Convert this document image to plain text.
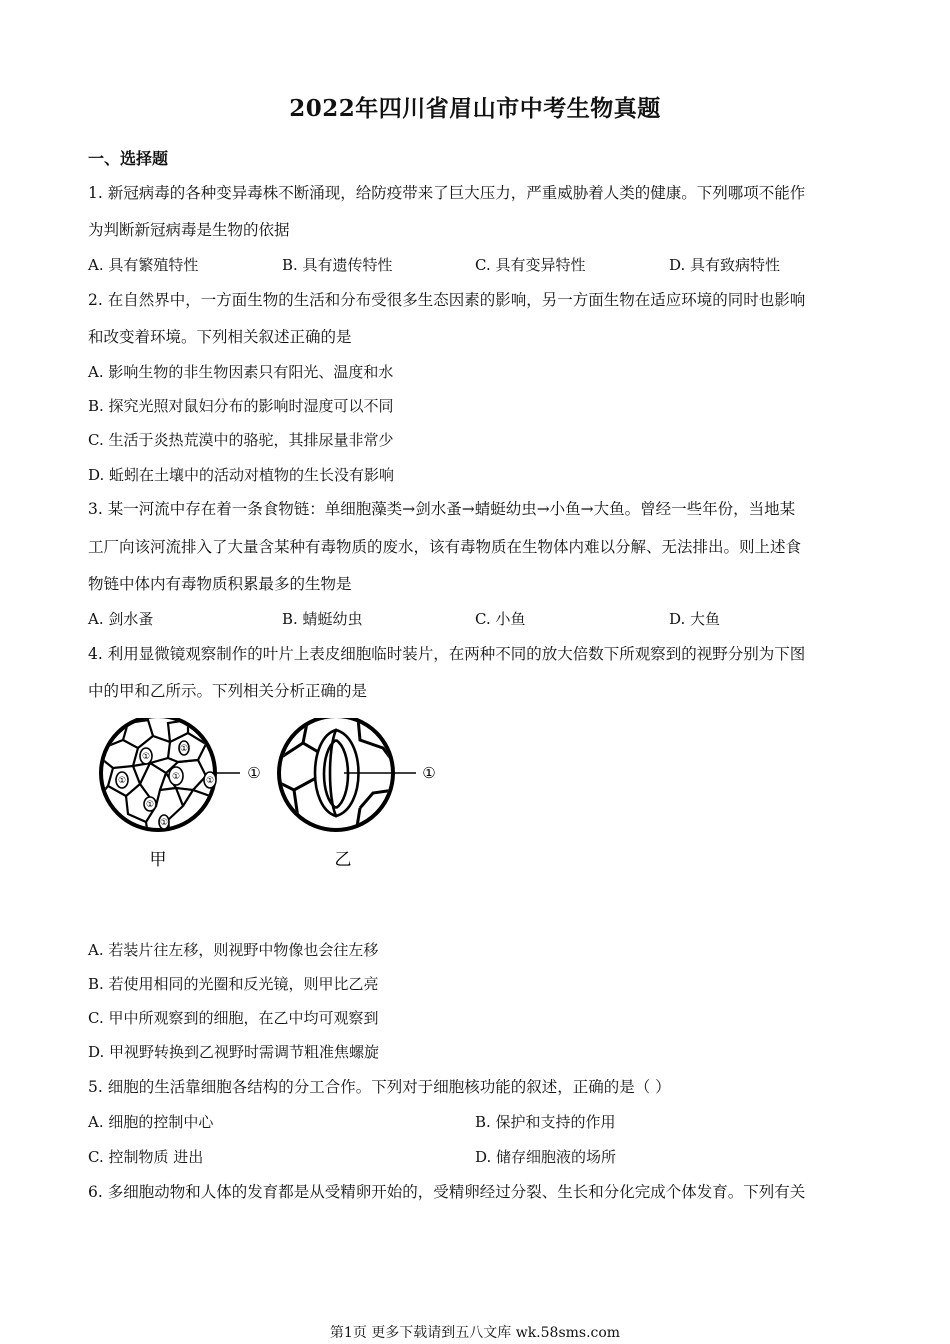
2022年四川省眉山市中考生物真题
一、选择题
1. 新冠病毒的各种变异毒株不断涌现，给防疫带来了巨大压力，严重威胁着人类的健康。下列哪项不能作
为判断新冠病毒是生物的依据
A. 具有繁殖特性	B. 具有遗传特性	C. 具有变异特性	D. 具有致病特性
2. 在自然界中，一方面生物的生活和分布受很多生态因素的影响，另一方面生物在适应环境的同时也影响
和改变着环境。下列相关叙述正确的是
A. 影响生物的非生物因素只有阳光、温度和水
B. 探究光照对鼠妇分布的影响时湿度可以不同
C. 生活于炎热荒漠中的骆驼，其排尿量非常少
D. 蚯蚓在土壤中的活动对植物的生长没有影响
3. 某一河流中存在着一条食物链：单细胞藻类→剑水蚤→蜻蜓幼虫→小鱼→大鱼。曾经一些年份，当地某
工厂向该河流排入了大量含某种有毒物质的废水，该有毒物质在生物体内难以分解、无法排出。则上述食
物链中体内有毒物质积累最多的生物是
A. 剑水蚤	B. 蜻蜓幼虫	C. 小鱼	D. 大鱼
4. 利用显微镜观察制作的叶片上表皮细胞临时装片，在两种不同的放大倍数下所观察到的视野分别为下图
中的甲和乙所示。下列相关分析正确的是
①
①	①
①
①
①
①
①
甲
①
乙
A. 若装片往左移，则视野中物像也会往左移
B. 若使用相同的光圈和反光镜，则甲比乙亮
C. 甲中所观察到的细胞，在乙中均可观察到
D. 甲视野转换到乙视野时需调节粗准焦螺旋
5. 细胞的生活靠细胞各结构的分工合作。下列对于细胞核功能的叙述，正确的是（ ）
A. 细胞的控制中心	B. 保护和支持的作用
C. 控制物质 进出	D. 储存细胞液的场所
6. 多细胞动物和人体的发育都是从受精卵开始的，受精卵经过分裂、生长和分化完成个体发育。下列有关
第1页 更多下载请到五八文库 wk.58sms.com
